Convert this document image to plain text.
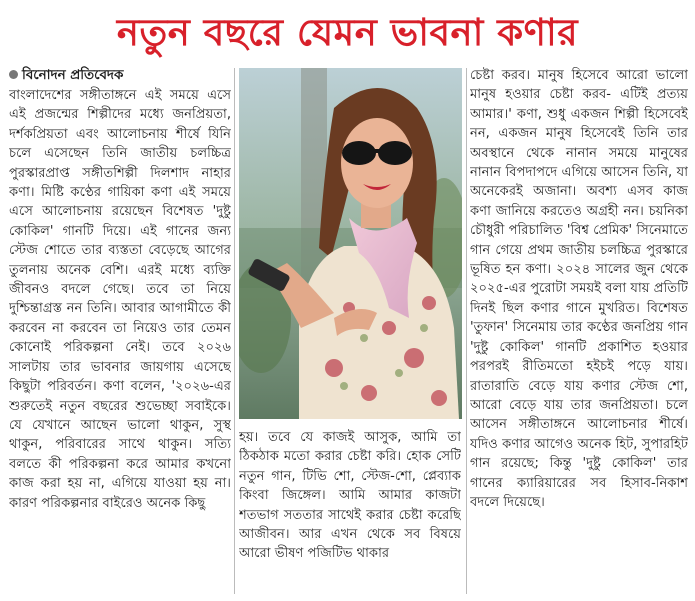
নতুন বছরে যেমন ভাবনা কণার
বিনোদন প্রতিবেদক

বাংলাদেশের সঙ্গীতাঙ্গনে এই সময়ে এসে এই প্রজন্মের শিল্পীদের মধ্যে জনপ্রিয়তা, দর্শকপ্রিয়তা এবং আলোচনায় শীর্ষে যিনি চলে এসেছেন তিনি জাতীয় চলচ্চিত্র পুরস্কারপ্রাপ্ত সঙ্গীতশিল্পী দিলশাদ নাহার কণা। মিষ্টি কণ্ঠের গায়িকা কণা এই সময়ে এসে আলোচনায় রয়েছেন বিশেষত 'দুষ্টু কোকিল' গানটি দিয়ে। এই গানের জন্য স্টেজ শোতে তার ব্যস্ততা বেড়েছে আগের তুলনায় অনেক বেশি। এরই মধ্যে ব্যক্তি জীবনও বদলে গেছে। তবে তা নিয়ে দুশ্চিন্তাগ্রস্ত নন তিনি। আবার আগামীতে কী করবেন না করবেন তা নিয়েও তার তেমন কোনোই পরিকল্পনা নেই। তবে ২০২৬ সালটায় তার ভাবনার জায়গায় এসেছে কিছুটা পরিবর্তন। কণা বলেন, '২০২৬-এর শুরুতেই নতুন বছরের শুভেচ্ছা সবাইকে। যে যেখানে আছেন ভালো থাকুন, সুস্থ থাকুন, পরিবারের সাথে থাকুন। সত্যি বলতে কী পরিকল্পনা করে আমার কখনো কাজ করা হয় না, এগিয়ে যাওয়া হয় না। কারণ পরিকল্পনার বাইরেও অনেক কিছু

হয়। তবে যে কাজই আসুক, আমি তা ঠিকঠাক মতো করার চেষ্টা করি। হোক সেটি নতুন গান, টিভি শো, স্টেজ-শো, প্লেব্যাক কিংবা জিঙ্গেল। আমি আমার কাজটা শতভাগ সততার সাথেই করার চেষ্টা করেছি আজীবন। আর এখন থেকে সব বিষয়ে আরো ভীষণ পজিটিভ থাকার

চেষ্টা করব। মানুষ হিসেবে আরো ভালো মানুষ হওয়ার চেষ্টা করব- এটিই প্রত্যয় আমার।' কণা, শুধু একজন শিল্পী হিসেবেই নন, একজন মানুষ হিসেবেই তিনি তার অবস্থানে থেকে নানান সময়ে মানুষের নানান বিপদাপদে এগিয়ে আসেন তিনি, যা অনেকেরই অজানা। অবশ্য এসব কাজ কণা জানিয়ে করতেও অগ্রহী নন। চয়নিকা চৌধুরী পরিচালিত 'বিশ্ব প্রেমিক' সিনেমাতে গান গেয়ে প্রথম জাতীয় চলচ্চিত্র পুরস্কারে ভূষিত হন কণা। ২০২৪ সালের জুন থেকে ২০২৫-এর পুরোটা সময়ই বলা যায় প্রতিটি দিনই ছিল কণার গানে মুখরিত। বিশেষত 'তুফান' সিনেমায় তার কণ্ঠের জনপ্রিয় গান 'দুষ্টু কোকিল' গানটি প্রকাশিত হওয়ার পরপরই রীতিমতো হইচই পড়ে যায়। রাতারাতি বেড়ে যায় কণার স্টেজ শো, আরো বেড়ে যায় তার জনপ্রিয়তা। চলে আসেন সঙ্গীতাঙ্গনে আলোচনার শীর্ষে। যদিও কণার আগেও অনেক হিট, সুপারহিট গান রয়েছে; কিন্তু 'দুষ্টু কোকিল' তার গানের ক্যারিয়ারের সব হিসাব-নিকাশ বদলে দিয়েছে।
